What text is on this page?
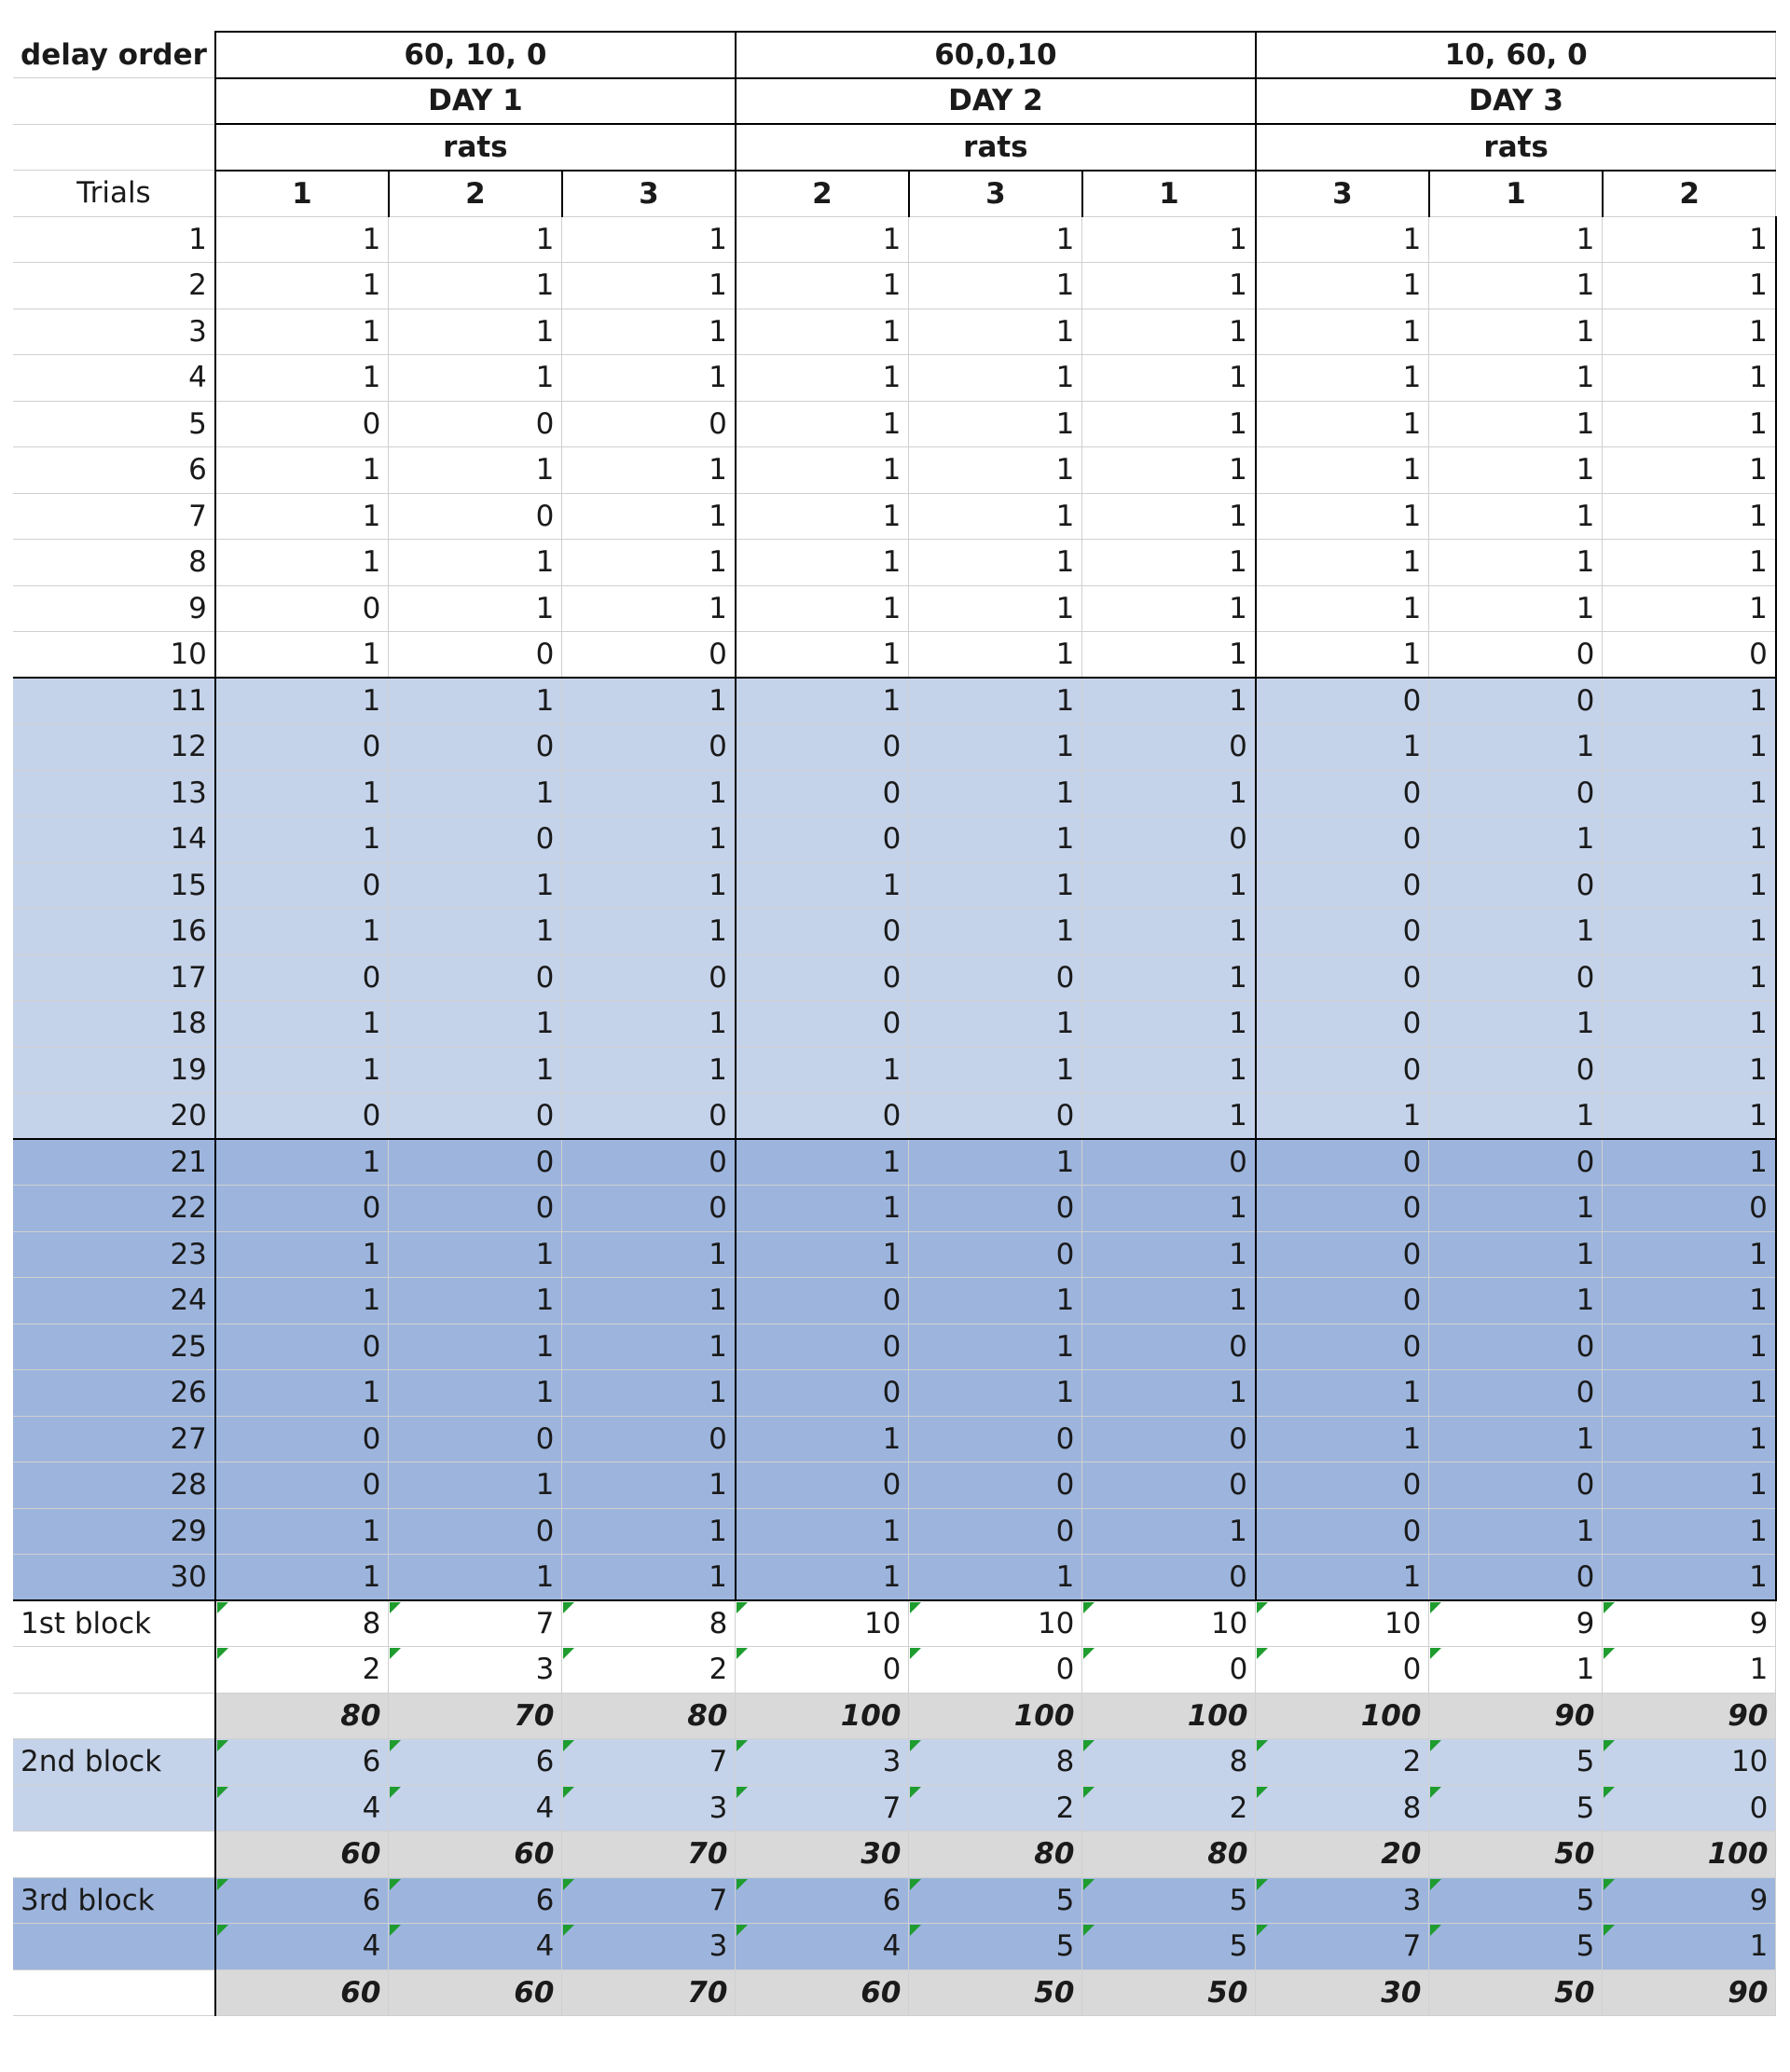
delay order	60, 10, 0			60,0,10			10, 60, 0		
	DAY 1			DAY 2			DAY 3		
	rats			rats			rats		
Trials	1	2	3	2	3	1	3	1	2
1	1	1	1	1	1	1	1	1	1
2	1	1	1	1	1	1	1	1	1
3	1	1	1	1	1	1	1	1	1
4	1	1	1	1	1	1	1	1	1
5	0	0	0	1	1	1	1	1	1
6	1	1	1	1	1	1	1	1	1
7	1	0	1	1	1	1	1	1	1
8	1	1	1	1	1	1	1	1	1
9	0	1	1	1	1	1	1	1	1
10	1	0	0	1	1	1	1	0	0
11	1	1	1	1	1	1	0	0	1
12	0	0	0	0	1	0	1	1	1
13	1	1	1	0	1	1	0	0	1
14	1	0	1	0	1	0	0	1	1
15	0	1	1	1	1	1	0	0	1
16	1	1	1	0	1	1	0	1	1
17	0	0	0	0	0	1	0	0	1
18	1	1	1	0	1	1	0	1	1
19	1	1	1	1	1	1	0	0	1
20	0	0	0	0	0	1	1	1	1
21	1	0	0	1	1	0	0	0	1
22	0	0	0	1	0	1	0	1	0
23	1	1	1	1	0	1	0	1	1
24	1	1	1	0	1	1	0	1	1
25	0	1	1	0	1	0	0	0	1
26	1	1	1	0	1	1	1	0	1
27	0	0	0	1	0	0	1	1	1
28	0	1	1	0	0	0	0	0	1
29	1	0	1	1	0	1	0	1	1
30	1	1	1	1	1	0	1	0	1
1st block	8	7	8	10	10	10	10	9	9
	2	3	2	0	0	0	0	1	1
	80	70	80	100	100	100	100	90	90
2nd block	6	6	7	3	8	8	2	5	10
	4	4	3	7	2	2	8	5	0
	60	60	70	30	80	80	20	50	100
3rd block	6	6	7	6	5	5	3	5	9
	4	4	3	4	5	5	7	5	1
	60	60	70	60	50	50	30	50	90
